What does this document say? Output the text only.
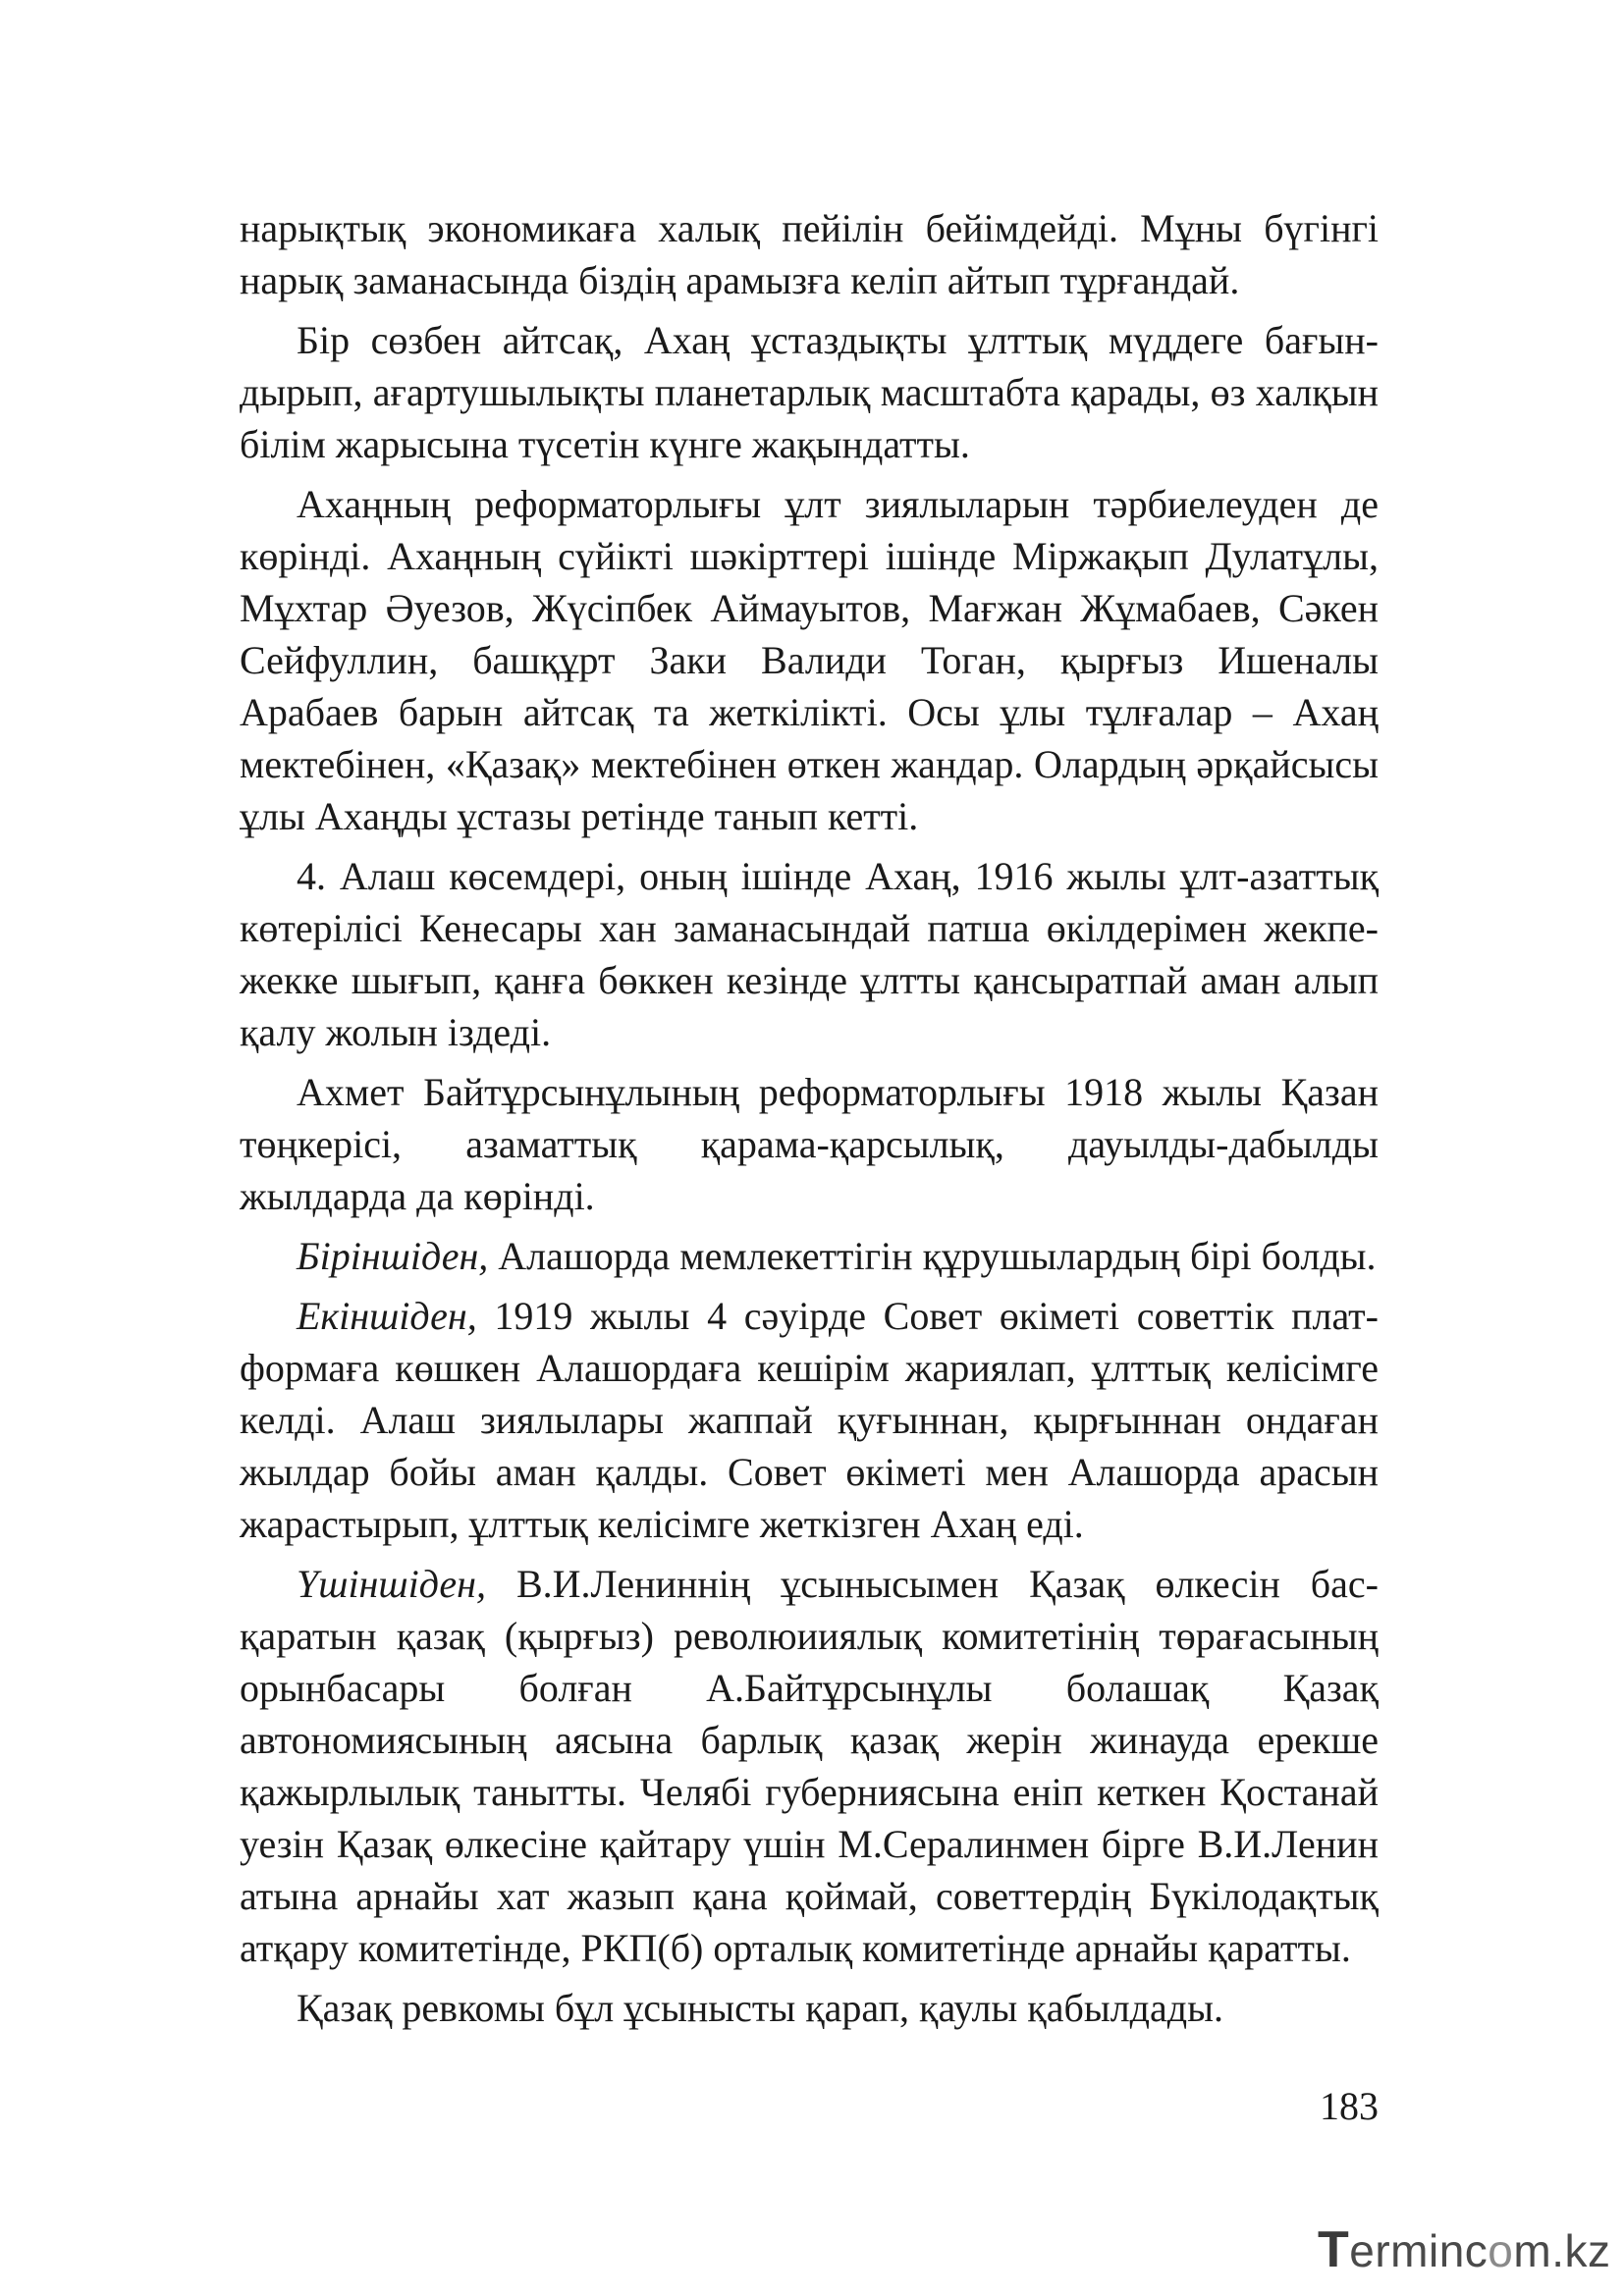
нарықтық экономикаға халық пейілін бейімдейді. Мұны бүгінгі нарық заманасында біздің арамызға келіп айтып тұрғандай.

Бір сөзбен айтсақ, Ахаң ұстаздықты ұлттық мүддеге бағындырып, ағартушылықты планетарлық масштабта қарады, өз халқын білім жарысына түсетін күнге жақындатты.

Ахаңның реформаторлығы ұлт зиялыларын тәрбиелеуден де көрінді. Ахаңның сүйікті шәкірттері ішінде Міржақып Дулатұлы, Мұхтар Әуезов, Жүсіпбек Аймауытов, Мағжан Жұмабаев, Сәкен Сейфуллин, башқұрт Заки Валиди Тоган, қырғыз Ишеналы Арабаев барын айтсақ та жеткілікті. Осы ұлы тұлғалар – Ахаң мектебінен, «Қазақ» мектебінен өткен жандар. Олардың әрқайсысы ұлы Ахаңды ұстазы ретінде танып кетті.

4. Алаш көсемдері, оның ішінде Ахаң, 1916 жылы ұлт-азаттық көтерілісі Кенесары хан заманасындай патша өкілдерімен жекпе-жекке шығып, қанға бөккен кезінде ұлтты қансыратпай аман алып қалу жолын іздеді.

Ахмет Байтұрсынұлының реформаторлығы 1918 жылы Қазан төңкерісі, азаматтық қарама-қарсылық, дауылды-дабылды жылдарда да көрінді.

Біріншіден, Алашорда мемлекеттігін құрушылардың бірі болды.

Екіншіден, 1919 жылы 4 сәуірде Совет өкіметі советтік платформаға көшкен Алашордаға кешірім жариялап, ұлттық келісімге келді. Алаш зиялылары жаппай қуғыннан, қырғыннан ондаған жылдар бойы аман қалды. Совет өкіметі мен Алашорда арасын жарастырып, ұлттық келісімге жеткізген Ахаң еді.

Үшіншіден, В.И.Лениннің ұсынысымен Қазақ өлкесін басқаратын қазақ (қырғыз) революииялық комитетінің төрағасының орынбасары болған А.Байтұрсынұлы болашақ Қазақ автономиясының аясына барлық қазақ жерін жинауда ерекше қажырлылық танытты. Челябі губерниясына еніп кеткен Қостанай уезін Қазақ өлкесіне қайтару үшін М.Сералинмен бірге В.И.Ленин атына арнайы хат жазып қана қоймай, советтердің Бүкілодақтық атқару комитетінде, РКП(б) орталық комитетінде арнайы қаратты.

Қазақ ревкомы бұл ұсынысты қарап, қаулы қабылдады.

183
Termincom.kz
